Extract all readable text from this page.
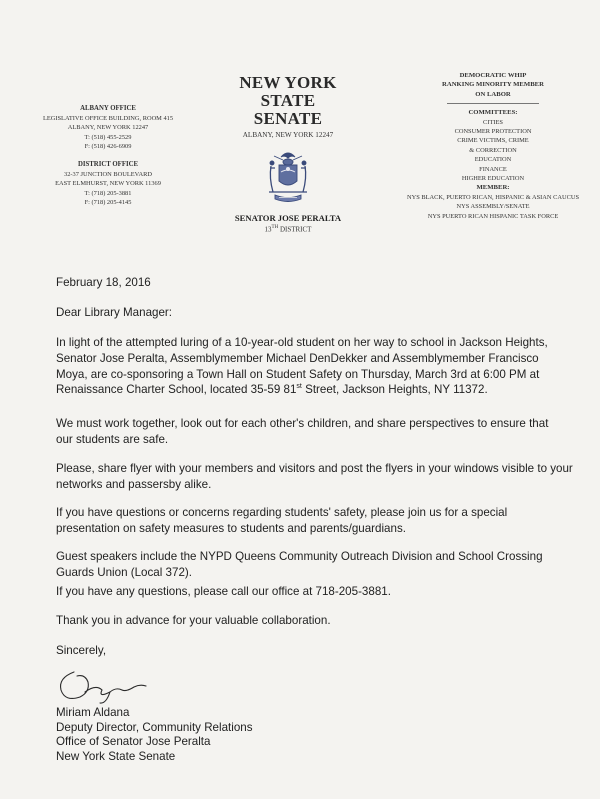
ALBANY OFFICE
LEGISLATIVE OFFICE BUILDING, ROOM 415
ALBANY, NEW YORK 12247
T: (518) 455-2529
F: (518) 426-6909
DISTRICT OFFICE
32-37 JUNCTION BOULEVARD
EAST ELMHURST, NEW YORK 11369
T: (718) 205-3881
F: (718) 205-4145
NEW YORK
STATE
SENATE
ALBANY, NEW YORK 12247
SENATOR JOSE PERALTA
13TH DISTRICT
DEMOCRATIC WHIP
RANKING MINORITY MEMBER
ON LABOR
COMMITTEES:
CITIES
CONSUMER PROTECTION
CRIME VICTIMS, CRIME
& CORRECTION
EDUCATION
FINANCE
HIGHER EDUCATION
MEMBER:
NYS BLACK, PUERTO RICAN, HISPANIC & ASIAN CAUCUS
NYS ASSEMBLY/SENATE
NYS PUERTO RICAN HISPANIC TASK FORCE
February 18, 2016
Dear Library Manager:

In light of the attempted luring of a 10-year-old student on her way to school in Jackson Heights, Senator Jose Peralta, Assemblymember Michael DenDekker and Assemblymember Francisco Moya, are co-sponsoring a Town Hall on Student Safety on Thursday, March 3rd at 6:00 PM at Renaissance Charter School, located 35-59 81st Street, Jackson Heights, NY 11372.

We must work together, look out for each other's children, and share perspectives to ensure that our students are safe.

Please, share flyer with your members and visitors and post the flyers in your windows visible to your networks and passersby alike.

If you have questions or concerns regarding students' safety, please join us for a special presentation on safety measures to students and parents/guardians.

Guest speakers include the NYPD Queens Community Outreach Division and School Crossing Guards Union (Local 372).

If you have any questions, please call our office at 718-205-3881.

Thank you in advance for your valuable collaboration.

Sincerely,
Miriam Aldana
Deputy Director, Community Relations
Office of Senator Jose Peralta
New York State Senate
